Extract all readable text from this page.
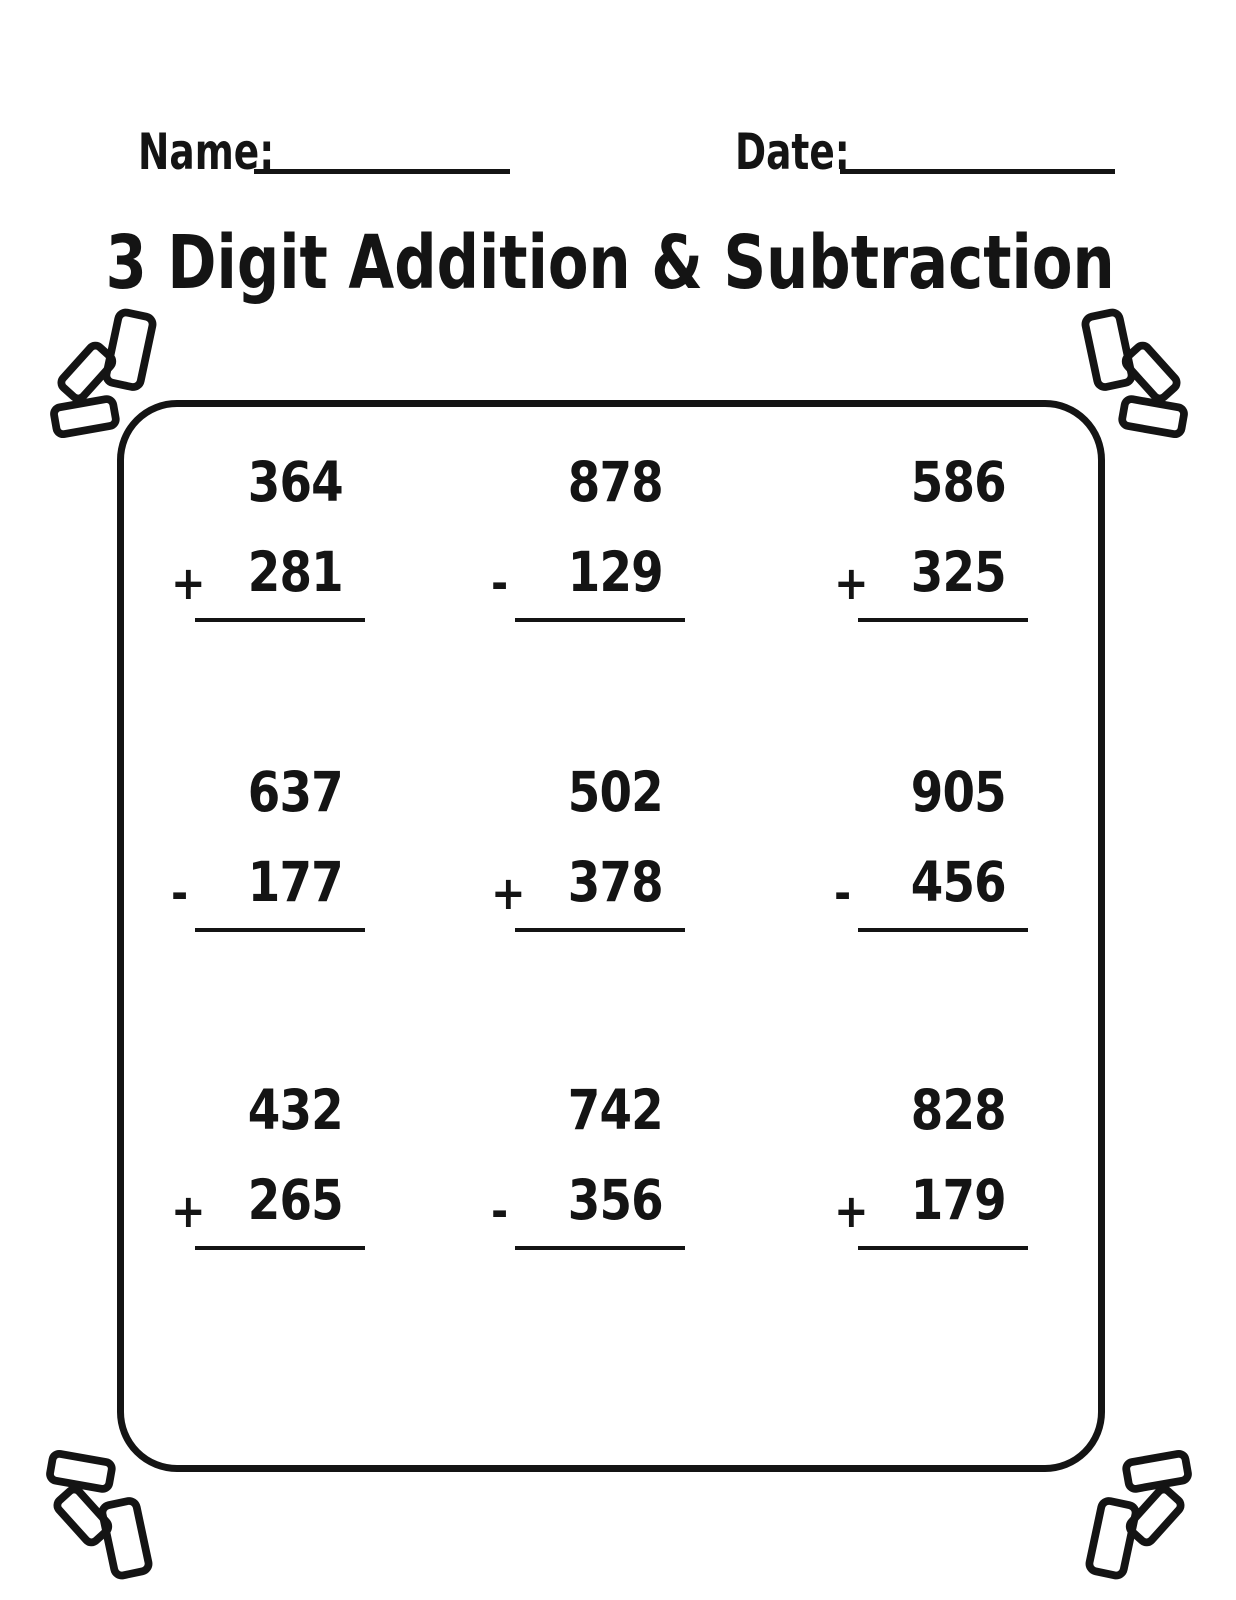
Name:	Date:
3 Digit Addition & Subtraction
364
+ 281
878
- 129
586
+ 325
637
- 177
502
+ 378
905
- 456
432
+ 265
742
- 356
828
+ 179
